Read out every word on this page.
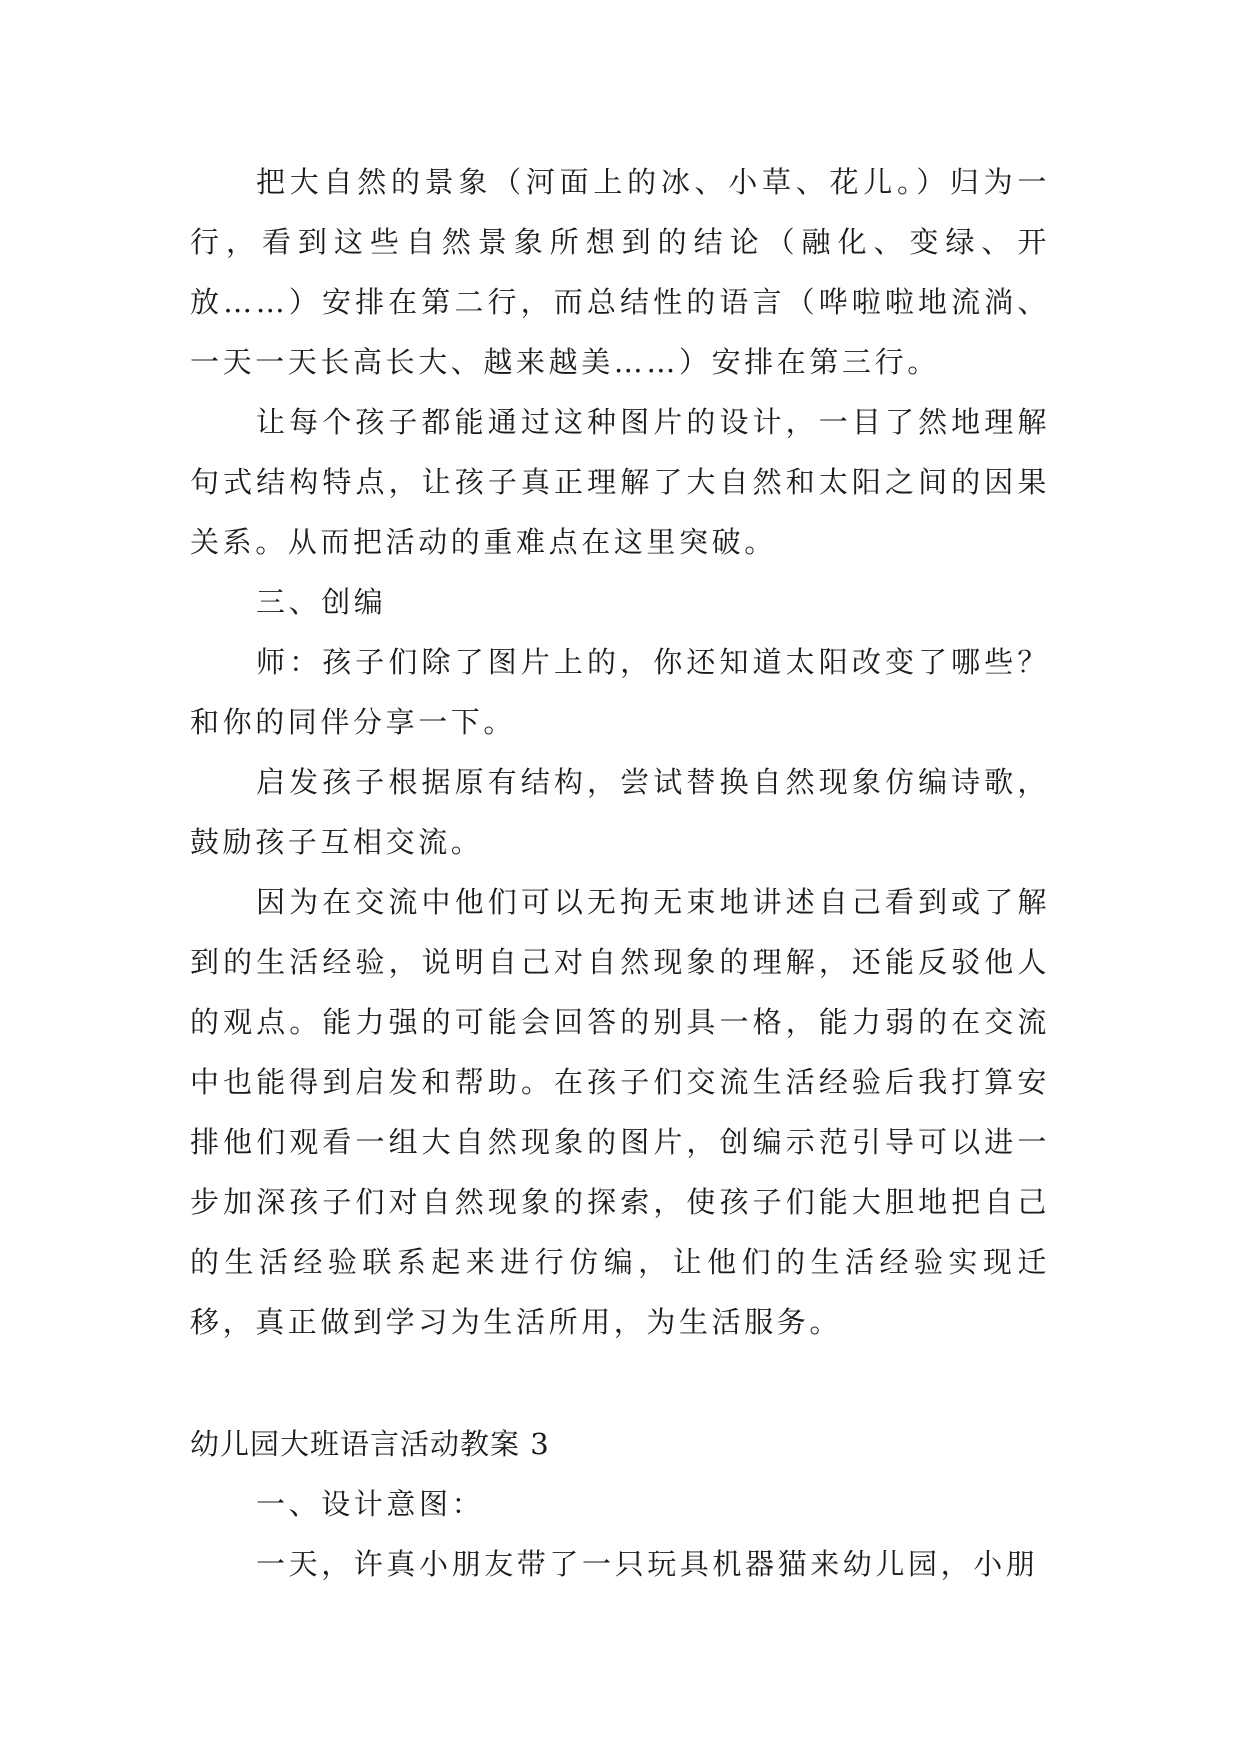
把大自然的景象（河面上的冰、小草、花儿。）归为一行，看到这些自然景象所想到的结论（融化、变绿、开放……）安排在第二行，而总结性的语言（哗啦啦地流淌、一天一天长高长大、越来越美……）安排在第三行。

让每个孩子都能通过这种图片的设计，一目了然地理解句式结构特点，让孩子真正理解了大自然和太阳之间的因果关系。从而把活动的重难点在这里突破。

三、创编

师：孩子们除了图片上的，你还知道太阳改变了哪些？和你的同伴分享一下。

启发孩子根据原有结构，尝试替换自然现象仿编诗歌，鼓励孩子互相交流。

因为在交流中他们可以无拘无束地讲述自己看到或了解到的生活经验，说明自己对自然现象的理解，还能反驳他人的观点。能力强的可能会回答的别具一格，能力弱的在交流中也能得到启发和帮助。在孩子们交流生活经验后我打算安排他们观看一组大自然现象的图片，创编示范引导可以进一步加深孩子们对自然现象的探索，使孩子们能大胆地把自己的生活经验联系起来进行仿编，让他们的生活经验实现迁移，真正做到学习为生活所用，为生活服务。

幼儿园大班语言活动教案 3

一、设计意图：

一天，许真小朋友带了一只玩具机器猫来幼儿园，小朋
